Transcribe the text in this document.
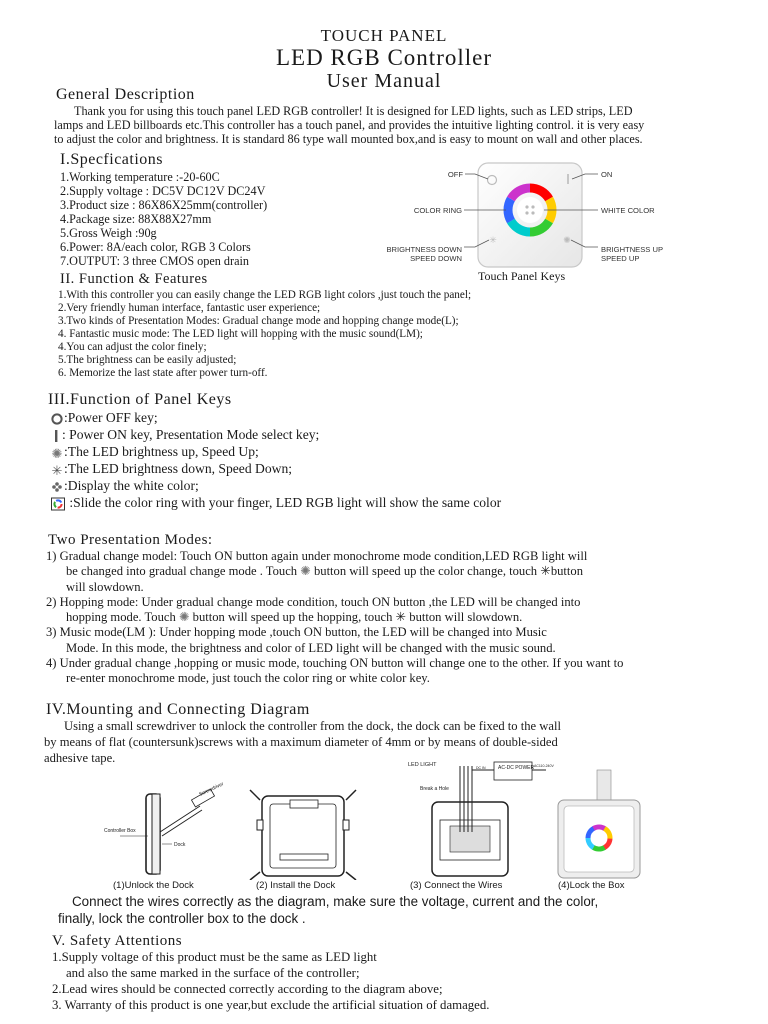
TOUCH PANEL
LED RGB Controller
User Manual
General Description
Thank you for using this touch panel LED RGB controller! It is designed for LED lights, such as LED strips, LED
lamps and LED billboards etc.This controller has a touch panel, and provides the intuitive lighting control. it is very easy
to adjust the color and brightness. It is standard 86 type wall mounted box,and is easy to mount on wall and other places.
I.Specfications
1.Working temperature :-20-60C
2.Supply voltage : DC5V DC12V DC24V
3.Product size : 86X86X25mm(controller)
4.Package size: 88X88X27mm
5.Gross Weigh :90g
6.Power: 8A/each color, RGB 3 Colors
7.OUTPUT: 3 three CMOS open drain
✳	✺
OFF	ON
COLOR RING	WHITE COLOR
BRIGHTNESS DOWN
SPEED DOWN
BRIGHTNESS UP
SPEED UP
Touch Panel Keys
II. Function & Features
1.With this controller you can easily change the LED RGB light colors ,just touch the panel;
2.Very friendly human interface, fantastic user experience;
3.Two kinds of Presentation Modes: Gradual change mode and hopping change mode(L);
4. Fantastic music mode: The LED light will hopping with the music sound(LM);
4.You can adjust the color finely;
5.The brightness can be easily adjusted;
6. Memorize the last state after power turn-off.
III.Function of Panel Keys
:Power OFF key;
: Power ON key, Presentation Mode select key;
✺ :The LED brightness up, Speed Up;
✳ :The LED brightness down, Speed Down;
:Display the white color;
:Slide the color ring with your finger, LED RGB light will show the same color
Two Presentation Modes:
1) Gradual change model: Touch ON button again under monochrome mode condition,LED RGB light will
be changed into gradual change mode . Touch ✺ button will speed up the color change, touch ✳button
will slowdown.
2) Hopping mode: Under gradual change mode condition, touch ON button ,the LED will be changed into
hopping mode. Touch ✺ button will speed up the hopping, touch ✳ button will slowdown.
3) Music mode(LM ): Under hopping mode ,touch ON button, the LED will be changed into Music
Mode. In this mode, the brightness and color of LED light will be changed with the music sound.
4) Under gradual change ,hopping or music mode, touching ON button will change one to the other. If you want to
re-enter monochrome mode, just touch the color ring or white color key.
IV.Mounting and Connecting Diagram
Using a small screwdriver to unlock the controller from the dock, the dock can be fixed to the wall
by means of flat (countersunk)screws with a maximum diameter of 4mm or by means of double-sided
adhesive tape.
Screwdriver
Controller Box
Dock
LED LIGHT	AC-DC POWER
DC IN	AC110-240V
Break a Hole
(1)Unlock the Dock	(2) Install the Dock	(3) Connect the Wires	(4)Lock the Box
Connect the wires correctly as the diagram, make sure the voltage, current and the color,
finally, lock the controller box to the dock .
V. Safety Attentions
1.Supply voltage of this product must be the same as LED light
and also the same marked in the surface of the controller;
2.Lead wires should be connected correctly according to the diagram above;
3. Warranty of this product is one year,but exclude the artificial situation of damaged.
